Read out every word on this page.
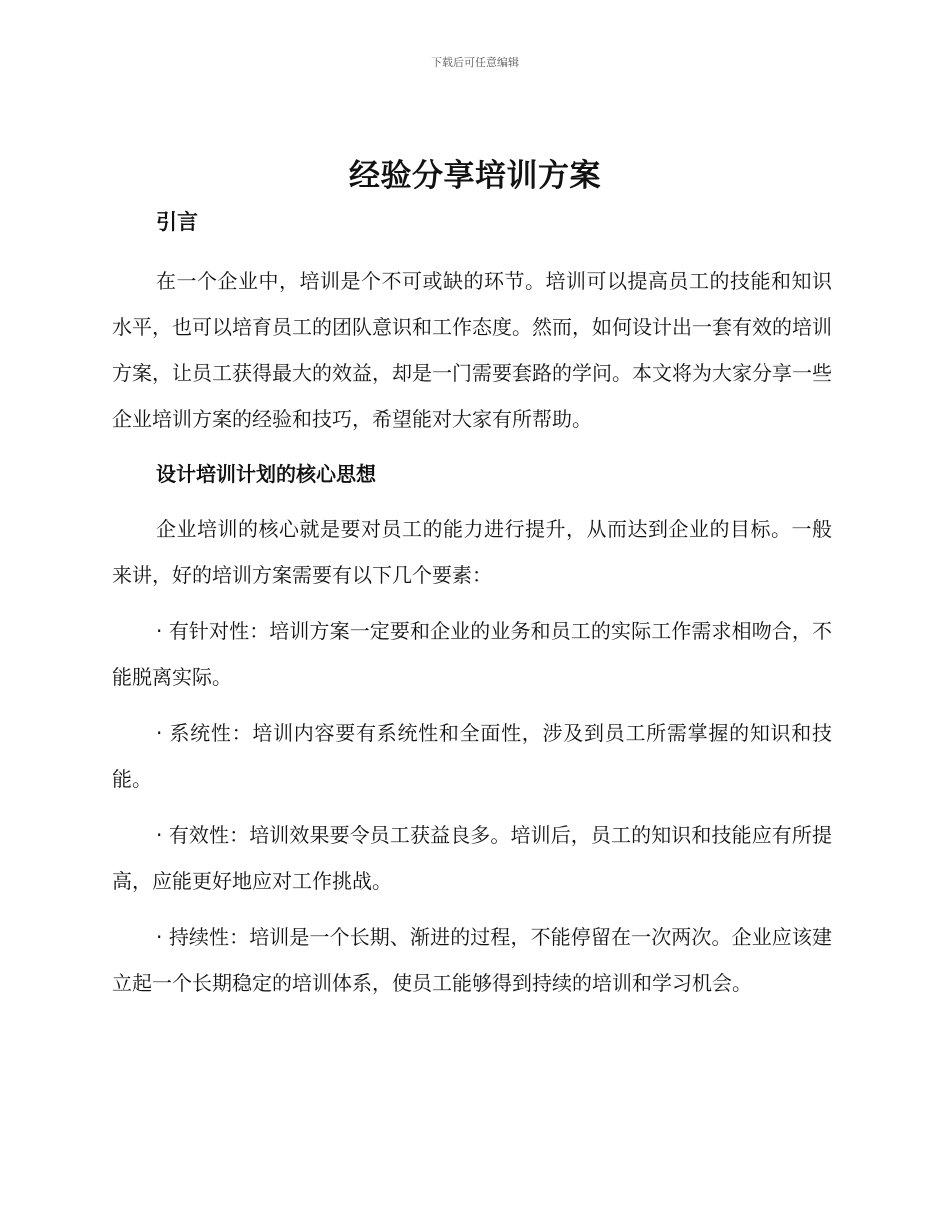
下载后可任意编辑
经验分享培训方案

引言

在一个企业中，培训是个不可或缺的环节。培训可以提高员工的技能和知识水平，也可以培育员工的团队意识和工作态度。然而，如何设计出一套有效的培训方案，让员工获得最大的效益，却是一门需要套路的学问。本文将为大家分享一些企业培训方案的经验和技巧，希望能对大家有所帮助。

设计培训计划的核心思想

企业培训的核心就是要对员工的能力进行提升，从而达到企业的目标。一般来讲，好的培训方案需要有以下几个要素：

· 有针对性：培训方案一定要和企业的业务和员工的实际工作需求相吻合，不能脱离实际。

· 系统性：培训内容要有系统性和全面性，涉及到员工所需掌握的知识和技能。

· 有效性：培训效果要令员工获益良多。培训后，员工的知识和技能应有所提高，应能更好地应对工作挑战。

· 持续性：培训是一个长期、渐进的过程，不能停留在一次两次。企业应该建立起一个长期稳定的培训体系，使员工能够得到持续的培训和学习机会。
